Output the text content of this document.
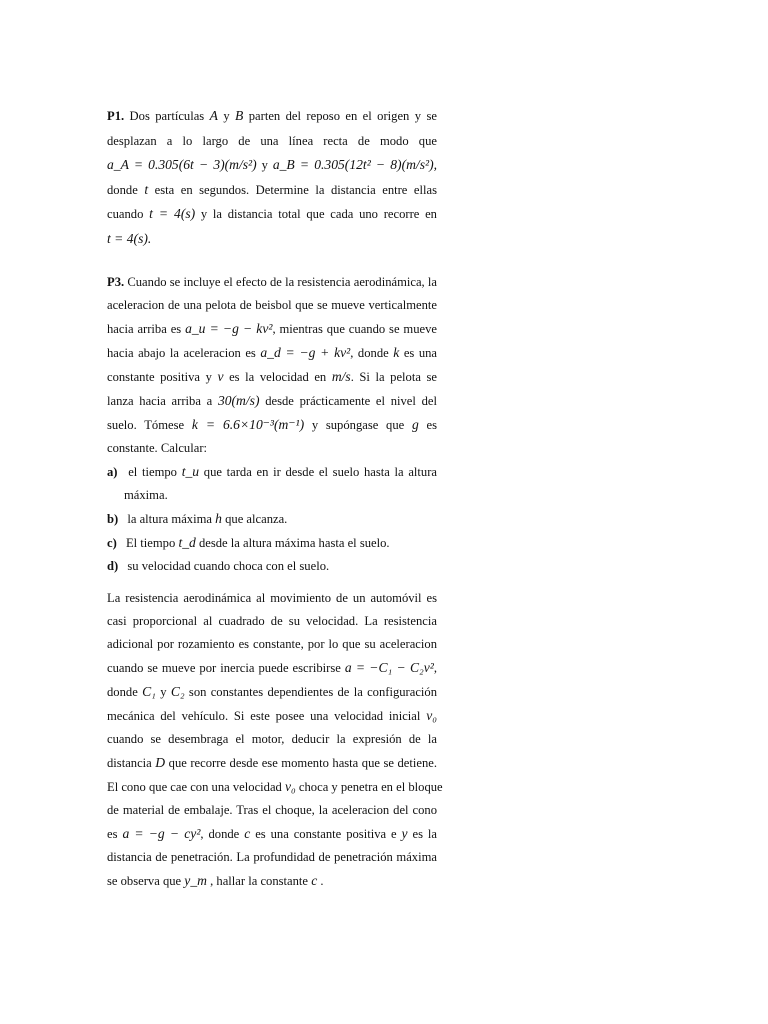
P1. Dos partículas A y B parten del reposo en el origen y se
desplazan a lo largo de una línea recta de modo que
a_A = 0.305(6t − 3)(m/s²) y a_B = 0.305(12t² − 8)(m/s²),
donde t esta en segundos. Determine la distancia entre ellas
cuando t = 4(s) y la distancia total que cada uno recorre en
t = 4(s).
P3. Cuando se incluye el efecto de la resistencia aerodinámica, la
aceleracion de una pelota de beisbol que se mueve verticalmente
hacia arriba es a_u = −g − kv², mientras que cuando se mueve
hacia abajo la aceleracion es a_d = −g + kv², donde k es una
constante positiva y v es la velocidad en m/s. Si la pelota se
lanza hacia arriba a 30(m/s) desde prácticamente el nivel del
suelo. Tómese k = 6.6×10⁻³(m⁻¹) y supóngase que g es
constante. Calcular:
a) el tiempo t_u que tarda en ir desde el suelo hasta la altura
máxima.
b) la altura máxima h que alcanza.
c) El tiempo t_d desde la altura máxima hasta el suelo.
d) su velocidad cuando choca con el suelo.
La resistencia aerodinámica al movimiento de un automóvil es
casi proporcional al cuadrado de su velocidad. La resistencia
adicional por rozamiento es constante, por lo que su aceleracion
cuando se mueve por inercia puede escribirse a = −C₁ − C₂v²,
donde C₁ y C₂ son constantes dependientes de la configuración
mecánica del vehículo. Si este posee una velocidad inicial v₀
cuando se desembraga el motor, deducir la expresión de la
distancia D que recorre desde ese momento hasta que se detiene.
El cono que cae con una velocidad v₀ choca y penetra en el bloque
de material de embalaje. Tras el choque, la aceleracion del cono
es a = −g − cy², donde c es una constante positiva e y es la
distancia de penetración. La profundidad de penetración máxima
se observa que y_m , hallar la constante c .
